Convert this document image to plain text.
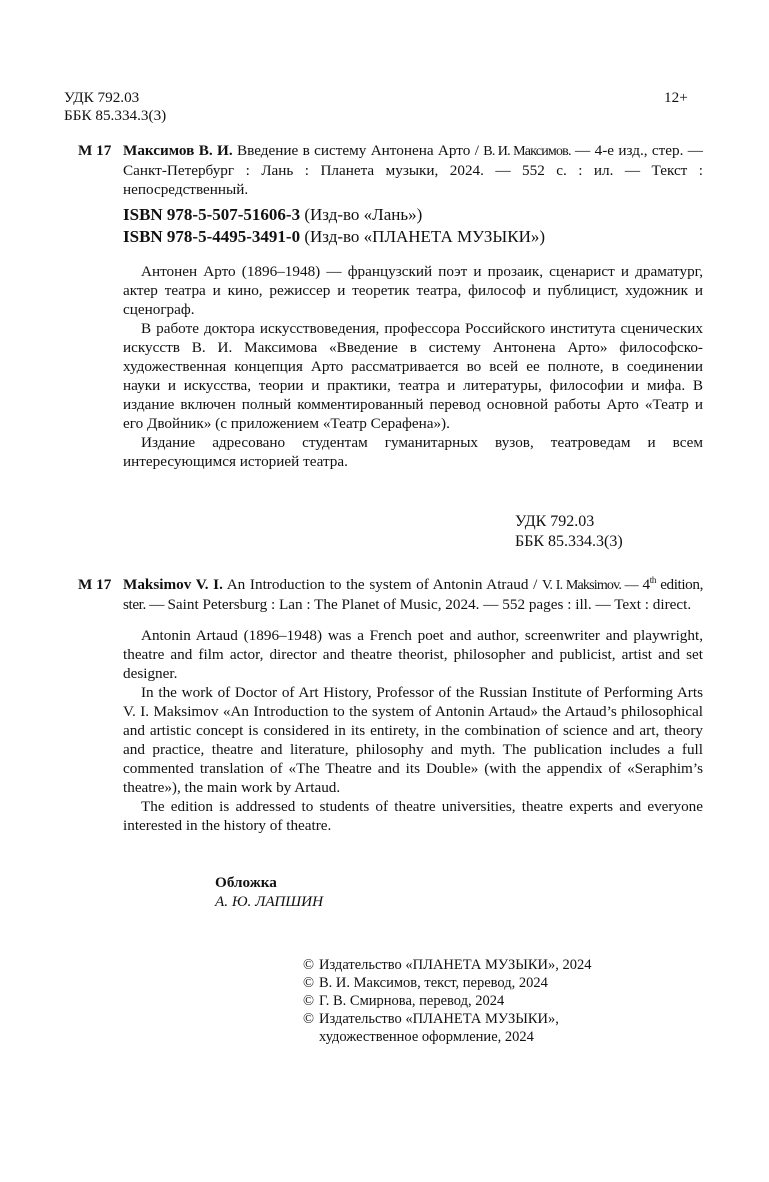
УДК 792.03
ББК 85.334.3(3)
12+
М 17 Максимов В. И. Введение в систему Антонена Арто / В. И. Максимов. — 4-е изд., стер. — Санкт-Петербург : Лань : Планета музыки, 2024. — 552 с. : ил. — Текст : непосредственный.
ISBN 978-5-507-51606-3 (Изд-во «Лань»)
ISBN 978-5-4495-3491-0 (Изд-во «ПЛАНЕТА МУЗЫКИ»)

Антонен Арто (1896–1948) — французский поэт и прозаик, сценарист и драматург, актер театра и кино, режиссер и теоретик театра, философ и публицист, художник и сценограф.

В работе доктора искусствоведения, профессора Российского института сценических искусств В. И. Максимова «Введение в систему Антонена Арто» философско-художественная концепция Арто рассматривается во всей ее полноте, в соединении науки и искусства, теории и практики, театра и литературы, философии и мифа. В издание включен полный комментированный перевод основной работы Арто «Театр и его Двойник» (с приложением «Театр Серафена»).

Издание адресовано студентам гуманитарных вузов, театроведам и всем интересующимся историей театра.

УДК 792.03
ББК 85.334.3(3)
М 17 Maksimov V. I. An Introduction to the system of Antonin Atraud / V. I. Maksimov. — 4th edition, ster. — Saint Petersburg : Lan : The Planet of Music, 2024. — 552 pages : ill. — Text : direct.

Antonin Artaud (1896–1948) was a French poet and author, screenwriter and playwright, theatre and film actor, director and theatre theorist, philosopher and publicist, artist and set designer.

In the work of Doctor of Art History, Professor of the Russian Institute of Performing Arts V. I. Maksimov «An Introduction to the system of Antonin Artaud» the Artaud’s philosophical and artistic concept is considered in its entirety, in the combination of science and art, theory and practice, theatre and literature, philosophy and myth. The publication includes a full commented translation of «The Theatre and its Double» (with the appendix of «Seraphim’s theatre»), the main work by Artaud.

The edition is addressed to students of theatre universities, theatre experts and everyone interested in the history of theatre.

Обложка
А. Ю. ЛАПШИН
© Издательство «ПЛАНЕТА МУЗЫКИ», 2024
© В. И. Максимов, текст, перевод, 2024
© Г. В. Смирнова, перевод, 2024
© Издательство «ПЛАНЕТА МУЗЫКИ»,
художественное оформление, 2024
